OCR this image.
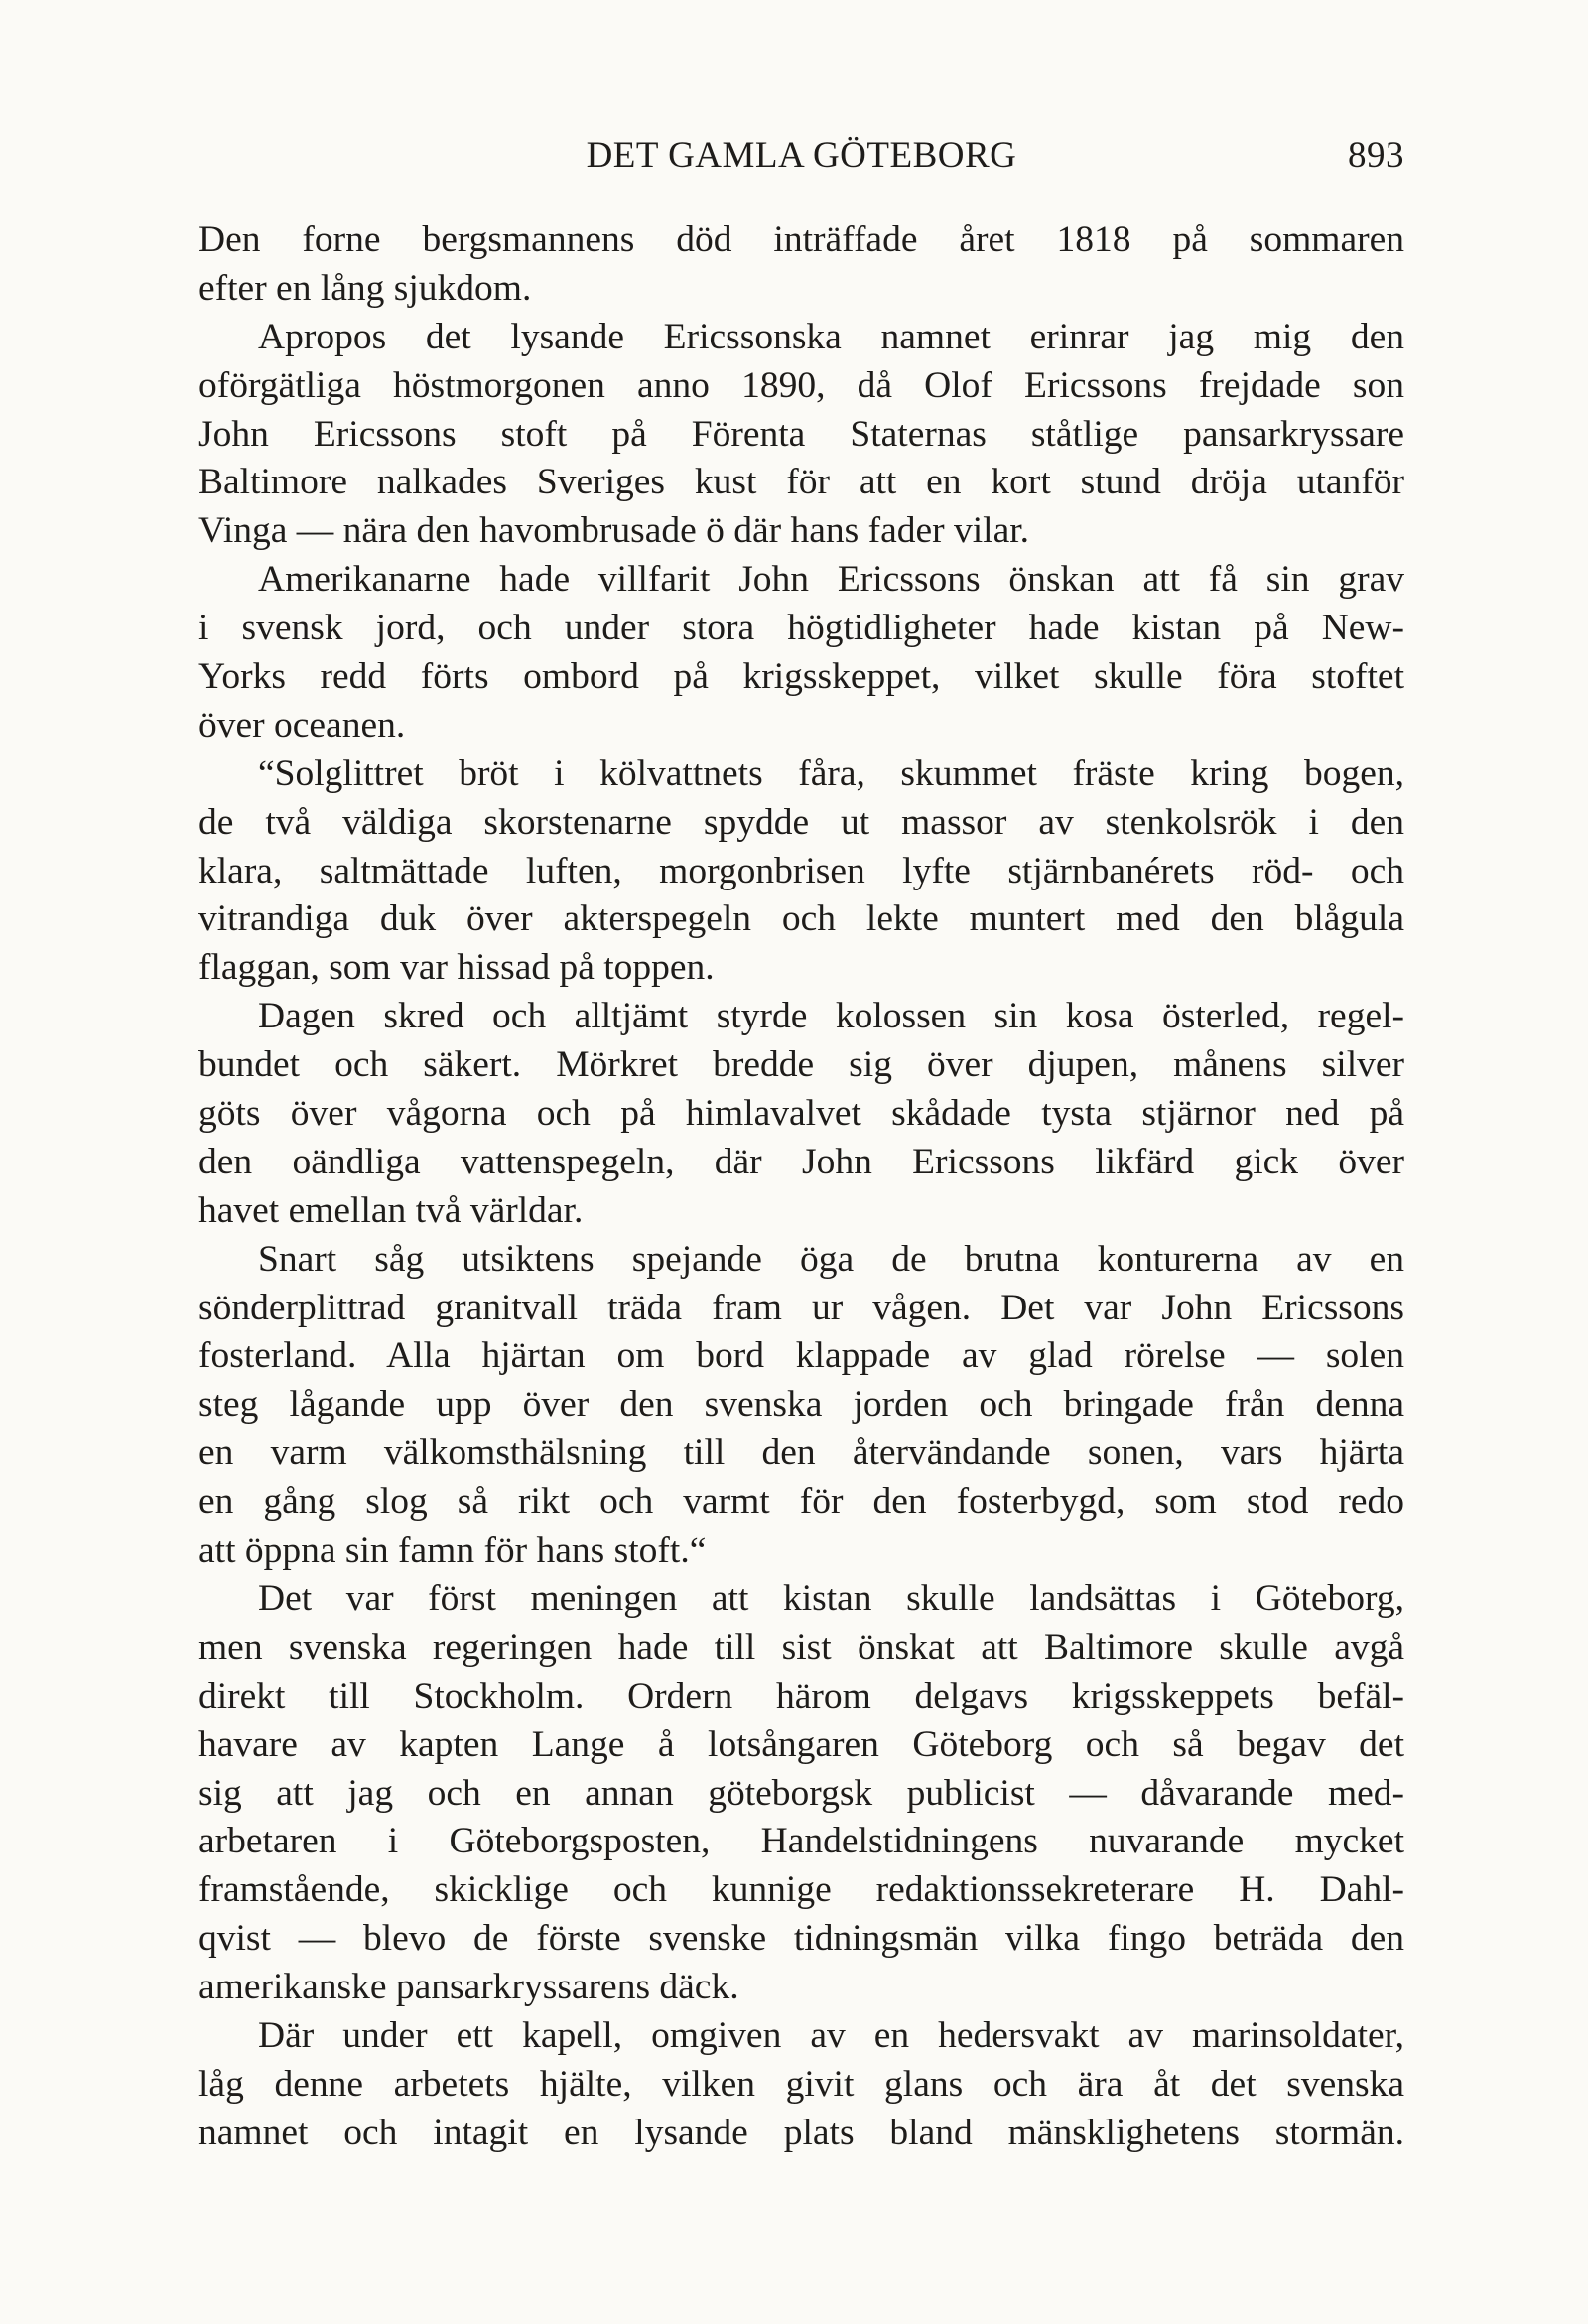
DET GAMLA GÖTEBORG	893
Den forne bergsmannens död inträffade året 1818 på sommaren
efter en lång sjukdom.
Apropos det lysande Ericssonska namnet erinrar jag mig den
oförgätliga höstmorgonen anno 1890, då Olof Ericssons frejdade son
John Ericssons stoft på Förenta Staternas ståtlige pansarkryssare
Baltimore nalkades Sveriges kust för att en kort stund dröja utanför
Vinga — nära den havombrusade ö där hans fader vilar.
Amerikanarne hade villfarit John Ericssons önskan att få sin grav
i svensk jord, och under stora högtidligheter hade kistan på New-
Yorks redd förts ombord på krigsskeppet, vilket skulle föra stoftet
över oceanen.
“Solglittret bröt i kölvattnets fåra, skummet fräste kring bogen,
de två väldiga skorstenarne spydde ut massor av stenkolsrök i den
klara, saltmättade luften, morgonbrisen lyfte stjärnbanérets röd- och
vitrandiga duk över akterspegeln och lekte muntert med den blågula
flaggan, som var hissad på toppen.
Dagen skred och alltjämt styrde kolossen sin kosa österled, regel-
bundet och säkert. Mörkret bredde sig över djupen, månens silver
göts över vågorna och på himlavalvet skådade tysta stjärnor ned på
den oändliga vattenspegeln, där John Ericssons likfärd gick över
havet emellan två världar.
Snart såg utsiktens spejande öga de brutna konturerna av en
sönderplittrad granitvall träda fram ur vågen. Det var John Ericssons
fosterland. Alla hjärtan om bord klappade av glad rörelse — solen
steg lågande upp över den svenska jorden och bringade från denna
en varm välkomsthälsning till den återvändande sonen, vars hjärta
en gång slog så rikt och varmt för den fosterbygd, som stod redo
att öppna sin famn för hans stoft.“
Det var först meningen att kistan skulle landsättas i Göteborg,
men svenska regeringen hade till sist önskat att Baltimore skulle avgå
direkt till Stockholm. Ordern härom delgavs krigsskeppets befäl-
havare av kapten Lange å lotsångaren Göteborg och så begav det
sig att jag och en annan göteborgsk publicist — dåvarande med-
arbetaren i Göteborgsposten, Handelstidningens nuvarande mycket
framstående, skicklige och kunnige redaktionssekreterare H. Dahl-
qvist — blevo de förste svenske tidningsmän vilka fingo beträda den
amerikanske pansarkryssarens däck.
Där under ett kapell, omgiven av en hedersvakt av marinsoldater,
låg denne arbetets hjälte, vilken givit glans och ära åt det svenska
namnet och intagit en lysande plats bland mänsklighetens stormän.
